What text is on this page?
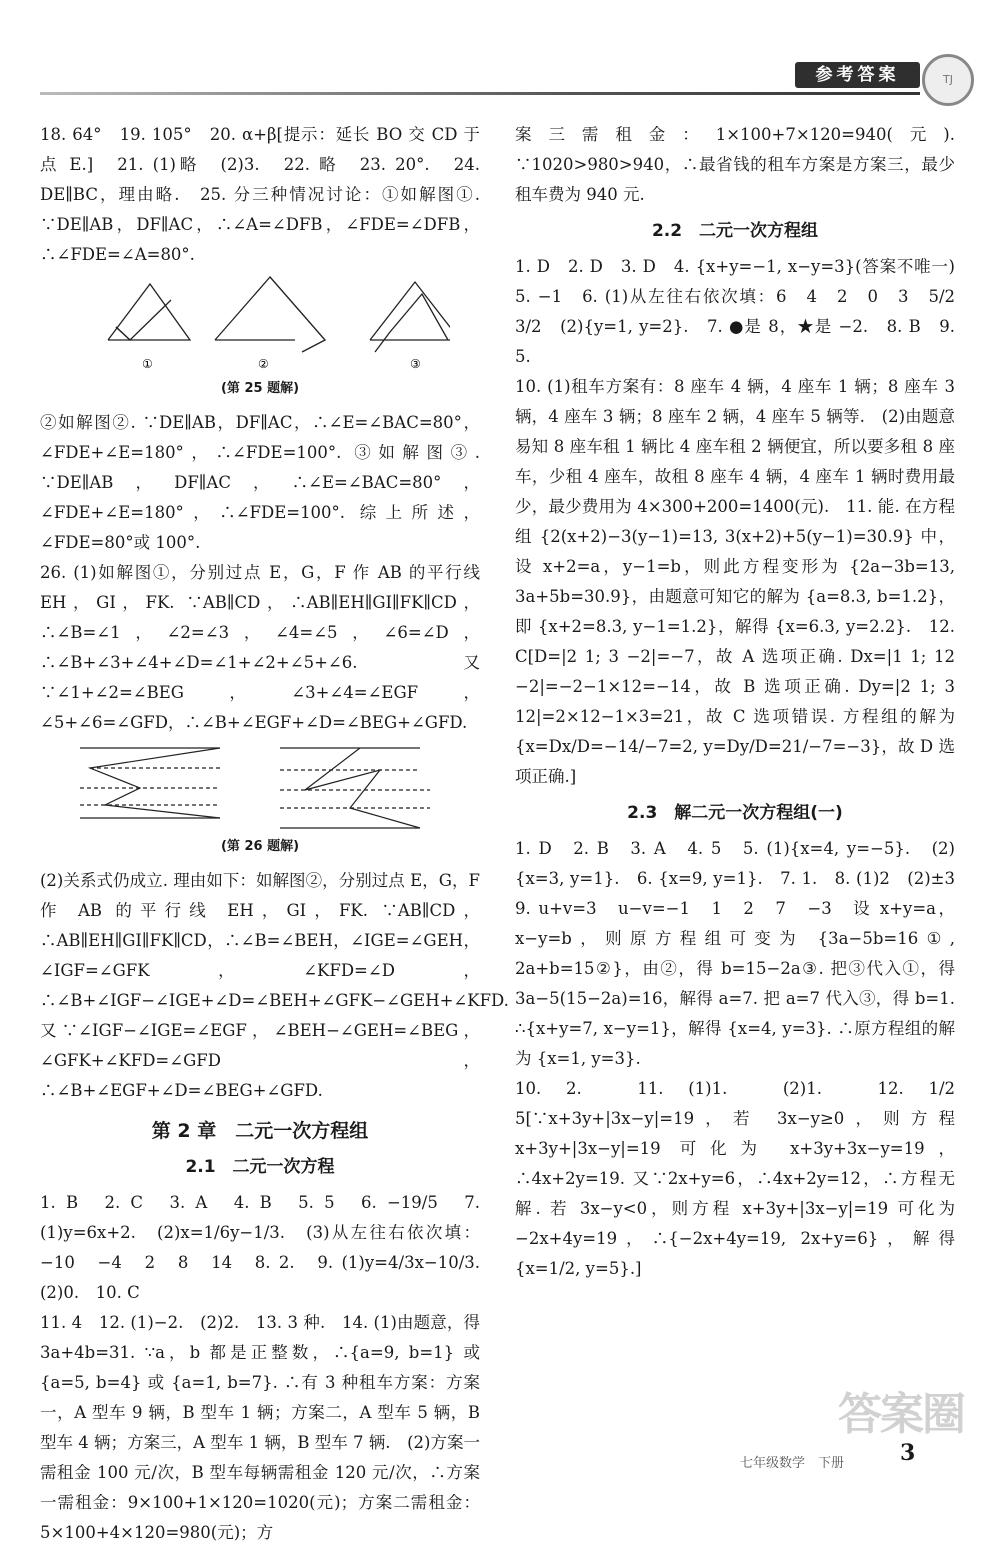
参考答案	TJ

18. 64°　19. 105°　20. α+β[提示：延长 BO 交 CD 于点 E.]　21. (1)略　(2)3.　22. 略　23. 20°.　24. DE∥BC，理由略.　25. 分三种情况讨论：①如解图①. ∵DE∥AB，DF∥AC，∴∠A=∠DFB，∠FDE=∠DFB，∴∠FDE=∠A=80°.

①	②	③

(第 25 题解)

②如解图②. ∵DE∥AB，DF∥AC，∴∠E=∠BAC=80°，∠FDE+∠E=180°，∴∠FDE=100°. ③如解图③. ∵DE∥AB，DF∥AC，∴∠E=∠BAC=80°，∠FDE+∠E=180°，∴∠FDE=100°. 综上所述，∠FDE=80°或 100°.

26. (1)如解图①，分别过点 E，G，F 作 AB 的平行线 EH，GI，FK. ∵AB∥CD，∴AB∥EH∥GI∥FK∥CD，∴∠B=∠1，∠2=∠3，∠4=∠5，∠6=∠D，∴∠B+∠3+∠4+∠D=∠1+∠2+∠5+∠6. 又∵∠1+∠2=∠BEG，∠3+∠4=∠EGF，∠5+∠6=∠GFD，∴∠B+∠EGF+∠D=∠BEG+∠GFD.

(第 26 题解)

(2)关系式仍成立. 理由如下：如解图②，分别过点 E，G，F 作 AB 的平行线 EH，GI，FK. ∵AB∥CD，∴AB∥EH∥GI∥FK∥CD，∴∠B=∠BEH，∠IGE=∠GEH，∠IGF=∠GFK，∠KFD=∠D，∴∠B+∠IGF−∠IGE+∠D=∠BEH+∠GFK−∠GEH+∠KFD. 又∵∠IGF−∠IGE=∠EGF，∠BEH−∠GEH=∠BEG，∠GFK+∠KFD=∠GFD，∴∠B+∠EGF+∠D=∠BEG+∠GFD.

第 2 章　二元一次方程组

2.1　二元一次方程

1. B　2. C　3. A　4. B　5. 5　6. −19/5　7. (1)y=6x+2.　(2)x=1/6y−1/3.　(3)从左往右依次填：−10　−4　2　8　14　8. 2.　9. (1)y=4/3x−10/3.　(2)0.　10. C

11. 4　12. (1)−2.　(2)2.　13. 3 种.　14. (1)由题意，得 3a+4b=31. ∵a，b 都是正整数，∴{a=9, b=1} 或 {a=5, b=4} 或 {a=1, b=7}. ∴有 3 种租车方案：方案一，A 型车 9 辆，B 型车 1 辆；方案二，A 型车 5 辆，B 型车 4 辆；方案三，A 型车 1 辆，B 型车 7 辆.　(2)方案一需租金 100 元/次，B 型车每辆需租金 120 元/次，∴方案一需租金：9×100+1×120=1020(元)；方案二需租金：5×100+4×120=980(元)；方

案三需租金：1×100+7×120=940(元). ∵1020>980>940，∴最省钱的租车方案是方案三，最少租车费为 940 元.

2.2　二元一次方程组

1. D　2. D　3. D　4. {x+y=−1, x−y=3}(答案不唯一)　5. −1　6. (1)从左往右依次填：6　4　2　0　3　5/2　3/2　(2){y=1, y=2}.　7. ●是 8，★是 −2.　8. B　9. 5.

10. (1)租车方案有：8 座车 4 辆，4 座车 1 辆；8 座车 3 辆，4 座车 3 辆；8 座车 2 辆，4 座车 5 辆等.　(2)由题意易知 8 座车租 1 辆比 4 座车租 2 辆便宜，所以要多租 8 座车，少租 4 座车，故租 8 座车 4 辆，4 座车 1 辆时费用最少，最少费用为 4×300+200=1400(元).　11. 能. 在方程组 {2(x+2)−3(y−1)=13, 3(x+2)+5(y−1)=30.9} 中，设 x+2=a，y−1=b，则此方程变形为 {2a−3b=13, 3a+5b=30.9}，由题意可知它的解为 {a=8.3, b=1.2}，即 {x+2=8.3, y−1=1.2}，解得 {x=6.3, y=2.2}.　12. C[D=|2 1; 3 −2|=−7，故 A 选项正确. Dx=|1 1; 12 −2|=−2−1×12=−14，故 B 选项正确. Dy=|2 1; 3 12|=2×12−1×3=21，故 C 选项错误. 方程组的解为 {x=Dx/D=−14/−7=2, y=Dy/D=21/−7=−3}，故 D 选项正确.]

2.3　解二元一次方程组(一)

1. D　2. B　3. A　4. 5　5. (1){x=4, y=−5}.　(2){x=3, y=1}.　6. {x=9, y=1}.　7. 1.　8. (1)2　(2)±3　9. u+v=3　u−v=−1　1　2　7　−3　设 x+y=a，x−y=b，则原方程组可变为 {3a−5b=16①, 2a+b=15②}，由②，得 b=15−2a③. 把③代入①，得 3a−5(15−2a)=16，解得 a=7. 把 a=7 代入③，得 b=1. ∴{x+y=7, x−y=1}，解得 {x=4, y=3}. ∴原方程组的解为 {x=1, y=3}.

10. 2.　11. (1)1.　(2)1.　12. 1/2　5[∵x+3y+|3x−y|=19，若 3x−y≥0，则方程 x+3y+|3x−y|=19 可化为 x+3y+3x−y=19，∴4x+2y=19. 又∵2x+y=6，∴4x+2y=12，∴方程无解. 若 3x−y<0，则方程 x+3y+|3x−y|=19 可化为 −2x+4y=19，∴{−2x+4y=19, 2x+y=6}，解得 {x=1/2, y=5}.]

答案圈
七年级数学　下册	3
